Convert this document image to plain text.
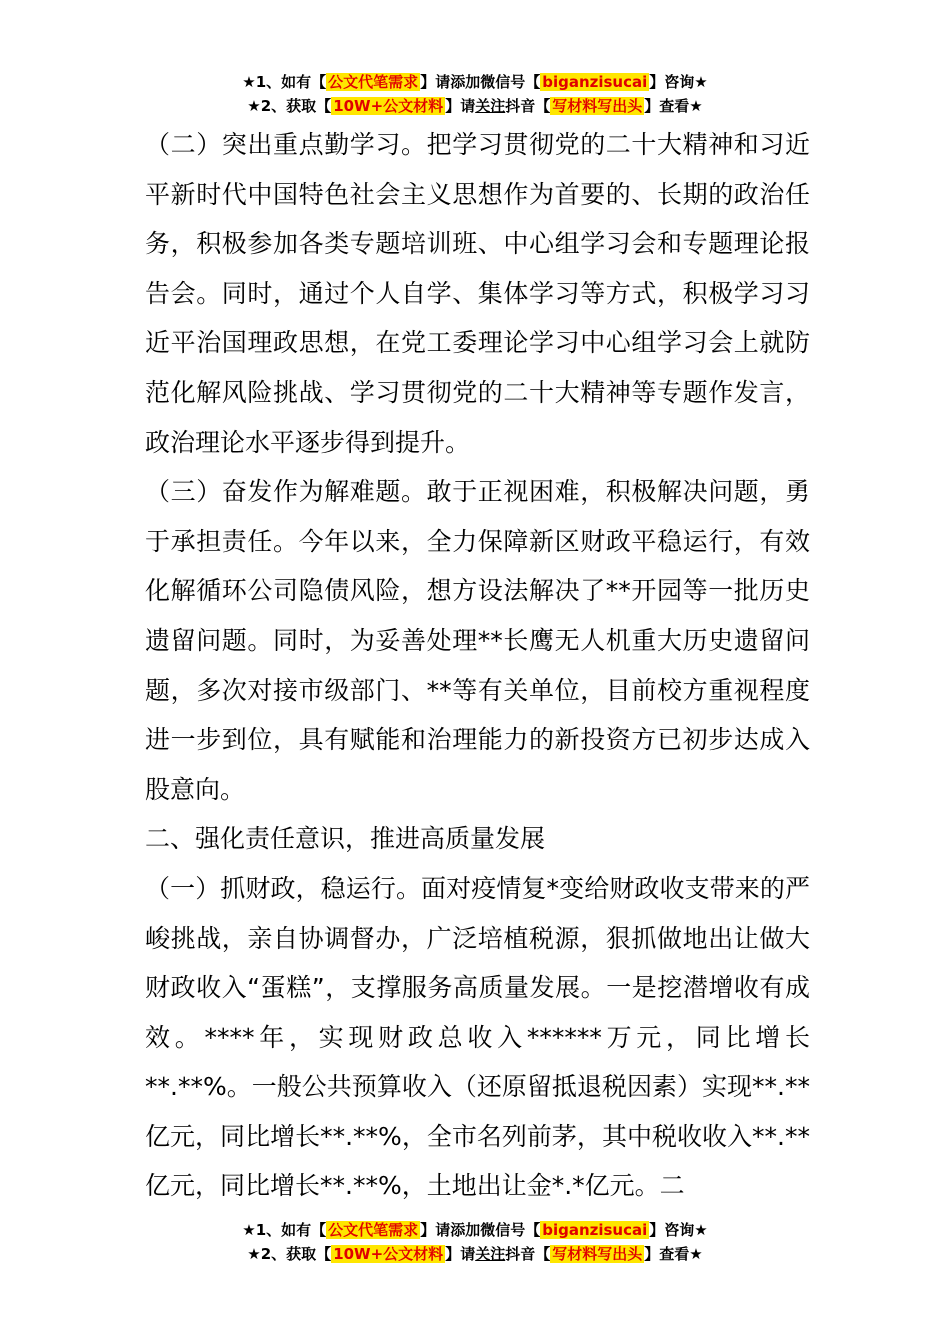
★1、如有【 公文代笔需求 】请添加微信号【 biganzisucai 】咨询★
★2、获取【 10W+公文材料 】请关注抖音【 写材料写出头 】查看★

（二）突出重点勤学习。把学习贯彻党的二十大精神和习近平新时代中国特色社会主义思想作为首要的、长期的政治任务，积极参加各类专题培训班、中心组学习会和专题理论报告会。同时，通过个人自学、集体学习等方式，积极学习习近平治国理政思想，在党工委理论学习中心组学习会上就防范化解风险挑战、学习贯彻党的二十大精神等专题作发言，政治理论水平逐步得到提升。

（三）奋发作为解难题。敢于正视困难，积极解决问题，勇于承担责任。今年以来，全力保障新区财政平稳运行，有效化解循环公司隐债风险，想方设法解决了**开园等一批历史遗留问题。同时，为妥善处理**长鹰无人机重大历史遗留问题，多次对接市级部门、**等有关单位，目前校方重视程度进一步到位，具有赋能和治理能力的新投资方已初步达成入股意向。

二、强化责任意识，推进高质量发展

（一）抓财政，稳运行。面对疫情复*变给财政收支带来的严峻挑战，亲自协调督办，广泛培植税源，狠抓做地出让做大财政收入“蛋糕”，支撑服务高质量发展。一是挖潜增收有成效。****年，实现财政总收入******万元，同比增长**.**%。一般公共预算收入（还原留抵退税因素）实现**.**亿元，同比增长**.**%，全市名列前茅，其中税收收入**.**亿元，同比增长**.**%，土地出让金*.*亿元。二

★1、如有【 公文代笔需求 】请添加微信号【 biganzisucai 】咨询★
★2、获取【 10W+公文材料 】请关注抖音【 写材料写出头 】查看★
